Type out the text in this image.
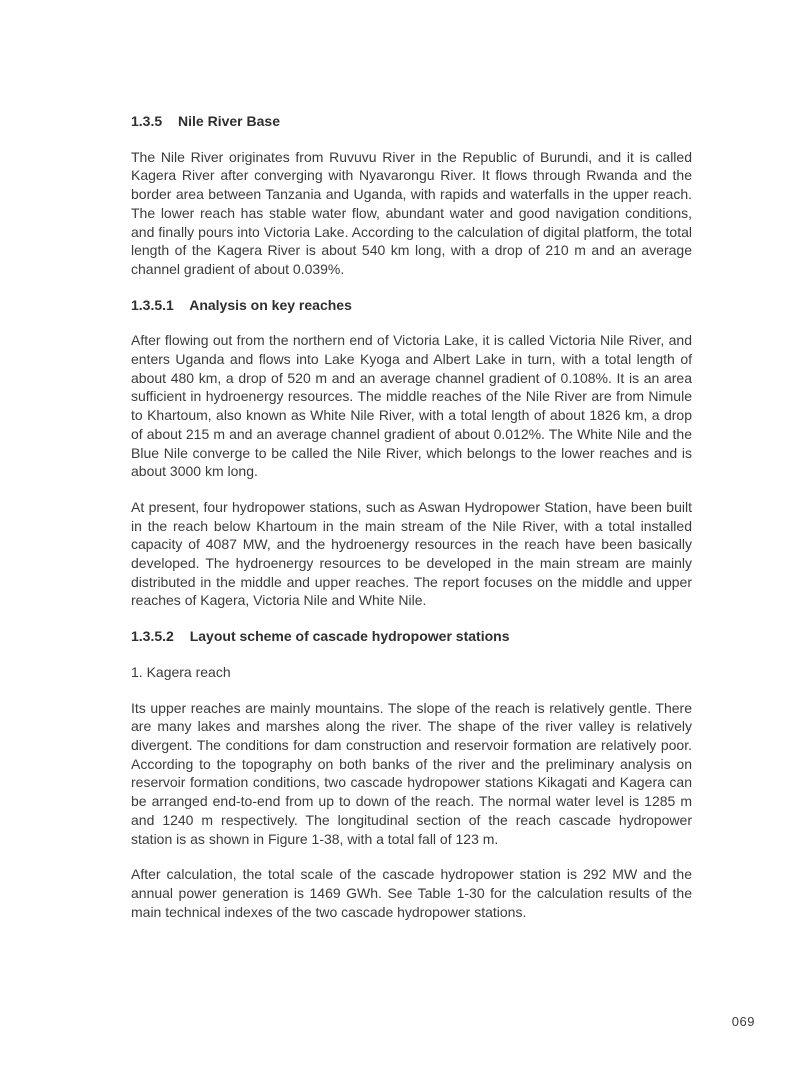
1.3.5 Nile River Base

The Nile River originates from Ruvuvu River in the Republic of Burundi, and it is called Kagera River after converging with Nyavarongu River. It flows through Rwanda and the border area between Tanzania and Uganda, with rapids and waterfalls in the upper reach. The lower reach has stable water flow, abundant water and good navigation conditions, and finally pours into Victoria Lake. According to the calculation of digital platform, the total length of the Kagera River is about 540 km long, with a drop of 210 m and an average channel gradient of about 0.039%.

1.3.5.1 Analysis on key reaches

After flowing out from the northern end of Victoria Lake, it is called Victoria Nile River, and enters Uganda and flows into Lake Kyoga and Albert Lake in turn, with a total length of about 480 km, a drop of 520 m and an average channel gradient of 0.108%. It is an area sufficient in hydroenergy resources. The middle reaches of the Nile River are from Nimule to Khartoum, also known as White Nile River, with a total length of about 1826 km, a drop of about 215 m and an average channel gradient of about 0.012%. The White Nile and the Blue Nile converge to be called the Nile River, which belongs to the lower reaches and is about 3000 km long.

At present, four hydropower stations, such as Aswan Hydropower Station, have been built in the reach below Khartoum in the main stream of the Nile River, with a total installed capacity of 4087 MW, and the hydroenergy resources in the reach have been basically developed. The hydroenergy resources to be developed in the main stream are mainly distributed in the middle and upper reaches. The report focuses on the middle and upper reaches of Kagera, Victoria Nile and White Nile.

1.3.5.2 Layout scheme of cascade hydropower stations

1. Kagera reach

Its upper reaches are mainly mountains. The slope of the reach is relatively gentle. There are many lakes and marshes along the river. The shape of the river valley is relatively divergent. The conditions for dam construction and reservoir formation are relatively poor. According to the topography on both banks of the river and the preliminary analysis on reservoir formation conditions, two cascade hydropower stations Kikagati and Kagera can be arranged end-to-end from up to down of the reach. The normal water level is 1285 m and 1240 m respectively. The longitudinal section of the reach cascade hydropower station is as shown in Figure 1-38, with a total fall of 123 m.

After calculation, the total scale of the cascade hydropower station is 292 MW and the annual power generation is 1469 GWh. See Table 1-30 for the calculation results of the main technical indexes of the two cascade hydropower stations.

069
